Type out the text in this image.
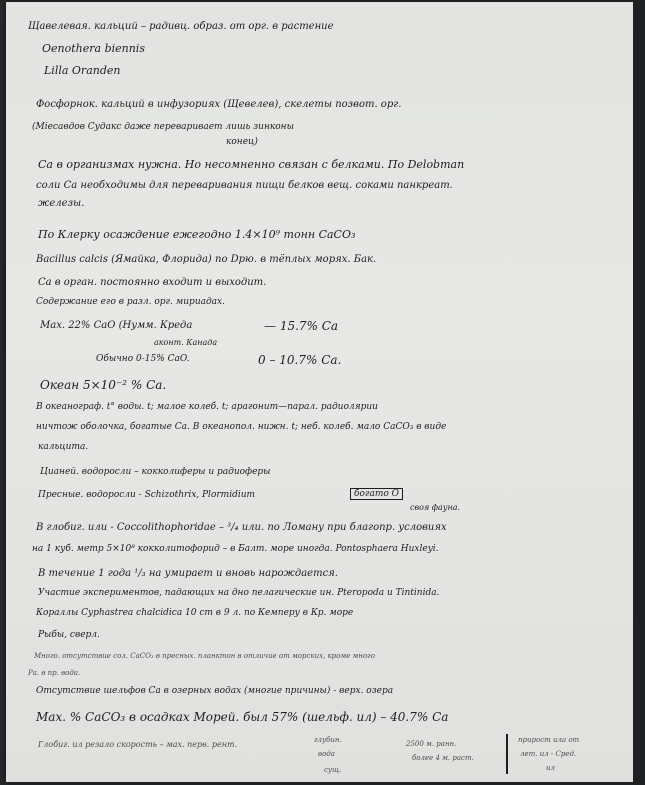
Щавелевая. кальций – радивц. образ. от орг. в растение
Oenothera biennis
Lilla Oranden
Фосфорнок. кальций в инфузориях (Щевелев), скелеты позвот. орг.
(Mieсавдов Судакс даже переваривает лишь зинконы
конец)
Са в организмах нужна. Но несомненно связан с белками. По Delobman
соли Са необходимы для переваривания пищи белков вещ. соками панкреат.
железы.
По Клерку осаждение ежегодно 1.4×10⁹ тонн CaCO₃
Bacillus calcis (Ямайка, Флорида) по Dрю. в тёплых морях. Бак.
Са в орган. постоянно входит и выходит.
Содержание его в разл. орг. мириадах.
Max. 22% CaO (Нумм. Креда	— 15.7% Ca
аконт. Канада
Обычно 0-15% CaO.	0 – 10.7% Ca.
Океан 5×10⁻² % Ca.
В океанограф. t° воды. t; малое колеб. t; арагонит—парал. радиолярии
ничтож оболочка, богатые Са. В океанопол. нижн. t; неб. колеб. мало CaCO₃ в виде
кальцита.
Цианей. водоросли – кокколиферы и радиоферы
Пресные. водоросли - Schizothrix, Plormidium	богато O
своя фауна.
В глобиг. или - Coccolithophoridae – ³/₄ или. по Ломану при благопр. условиях
на 1 куб. метр 5×10⁸ кокколитофорид – в Балт. море иногда. Pontosphaera Huxleyi.
В течение 1 года ¹/₃ на умирает и вновь нарождается.
Участие экспериментов, падающих на дно пелагические ин. Pteropoda и Tintinida.
Кораллы Cyphastrea chalcidica 10 cm в 9 л. по Кемперу в Кр. море
Рыбы, сверл.
Много. отсутствие сол. CaCO₃ в пресных. планктон в отличие от морских, кроме много
Ра. в пр. вода.
Отсутствие шельфов Ca в озерных водах (многие причины) - верх. озера
Max. % CaCO₃ в осадках Морей. был 57% (шельф. ил) – 40.7% Ca
Глобиг. ил резало скорость – мах. перв. рент.	глубин.
вода
сущ.
2500 м. ранн.
более 4 м. раст.
прирост ила от
лет. ил - Сред.
ил
